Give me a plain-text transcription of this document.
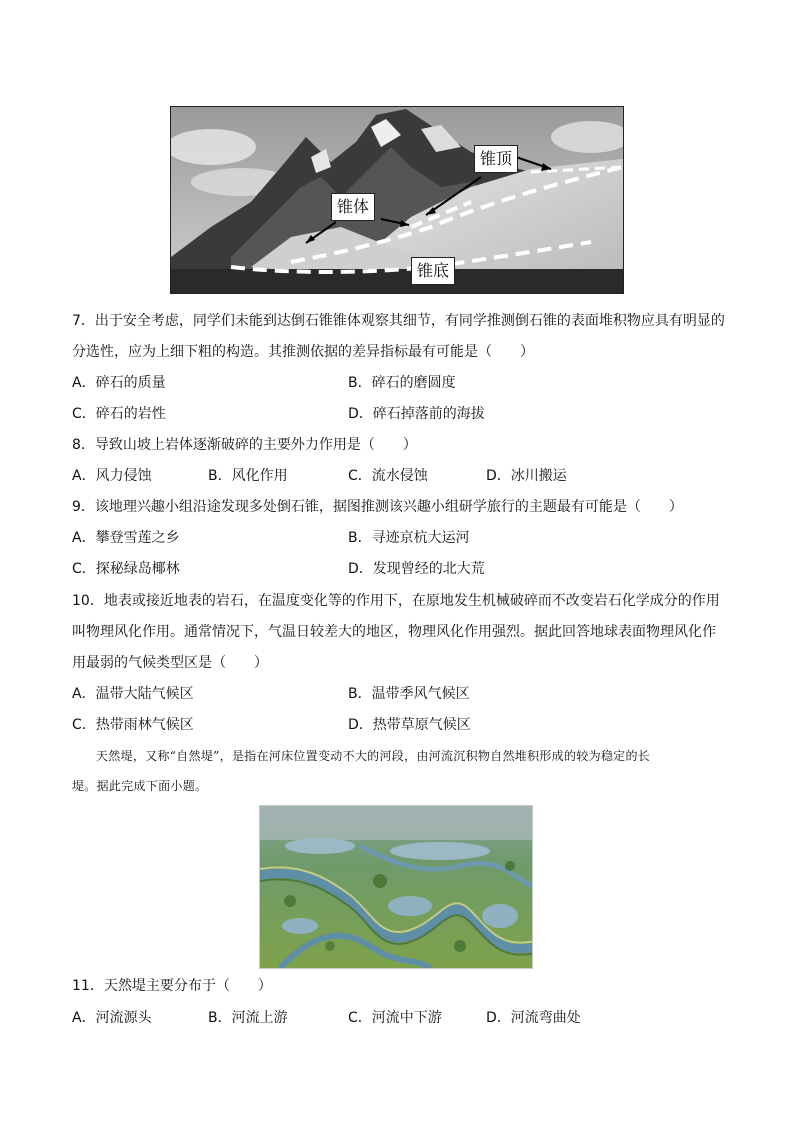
锥顶
锥体
锥底
7．出于安全考虑，同学们未能到达倒石锥锥体观察其细节，有同学推测倒石锥的表面堆积物应具有明显的
分选性，应为上细下粗的构造。其推测依据的差异指标最有可能是（　　）
A．碎石的质量	B．碎石的磨圆度
C．碎石的岩性	D．碎石掉落前的海拔
8．导致山坡上岩体逐渐破碎的主要外力作用是（　　）
A．风力侵蚀	B．风化作用	C．流水侵蚀	D．冰川搬运
9．该地理兴趣小组沿途发现多处倒石锥，据图推测该兴趣小组研学旅行的主题最有可能是（　　）
A．攀登雪莲之乡	B．寻迹京杭大运河
C．探秘绿岛椰林	D．发现曾经的北大荒
10．地表或接近地表的岩石，在温度变化等的作用下，在原地发生机械破碎而不改变岩石化学成分的作用
叫物理风化作用。通常情况下，气温日较差大的地区，物理风化作用强烈。据此回答地球表面物理风化作
用最弱的气候类型区是（　　）
A．温带大陆气候区	B．温带季风气候区
C．热带雨林气候区	D．热带草原气候区
天然堤，又称“自然堤”，是指在河床位置变动不大的河段，由河流沉积物自然堆积形成的较为稳定的长
堤。据此完成下面小题。
11．天然堤主要分布于（　　）
A．河流源头	B．河流上游	C．河流中下游	D．河流弯曲处
